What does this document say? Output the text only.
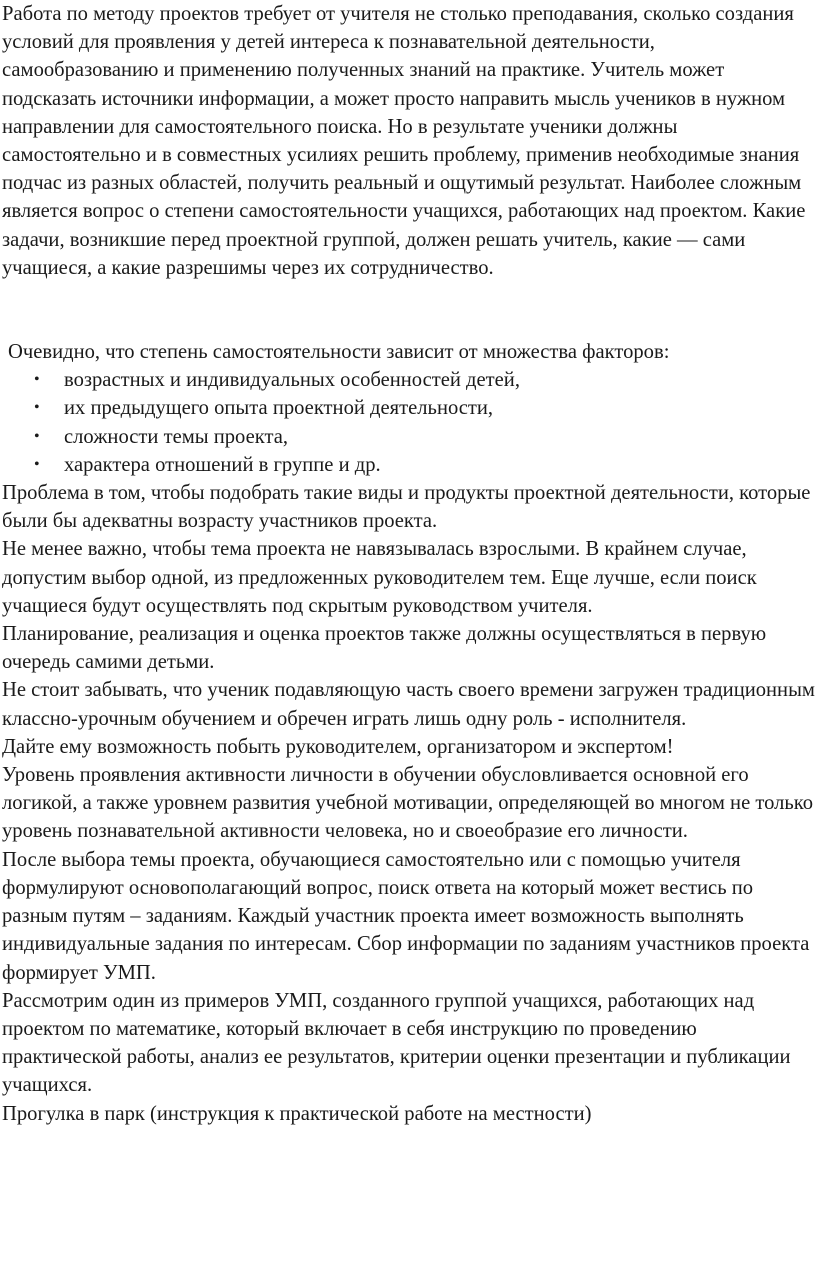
Работа по методу проектов требует от учителя не столько преподавания, сколько создания условий для проявления у детей интереса к познавательной деятельности, самообразованию и применению полученных знаний на практике. Учитель может подсказать источники информации, а может просто направить мысль учеников в нужном направлении для самостоятельного поиска. Но в результате ученики должны самостоятельно и в совместных усилиях решить проблему, применив необходимые знания подчас из разных областей, получить реальный и ощутимый результат. Наиболее сложным является вопрос о степени самостоятельности учащихся, работающих над проектом. Какие задачи, возникшие перед проектной группой, должен решать учитель, какие — сами учащиеся, а какие разрешимы через их сотрудничество.

Очевидно, что степень самостоятельности зависит от множества факторов:

• возрастных и индивидуальных особенностей детей,
• их предыдущего опыта проектной деятельности,
• сложности темы проекта,
• характера отношений в группе и др.

Проблема в том, чтобы подобрать такие виды и продукты проектной деятельности, которые были бы адекватны возрасту участников проекта.

Не менее важно, чтобы тема проекта не навязывалась взрослыми. В крайнем случае, допустим выбор одной, из предложенных руководителем тем. Еще лучше, если поиск учащиеся будут осуществлять под скрытым руководством учителя.

Планирование, реализация и оценка проектов также должны осуществляться в первую очередь самими детьми.

Не стоит забывать, что ученик подавляющую часть своего времени загружен традиционным классно-урочным обучением и обречен играть лишь одну роль - исполнителя.

Дайте ему возможность побыть руководителем, организатором и экспертом!

Уровень проявления активности личности в обучении обусловливается основной его логикой, а также уровнем развития учебной мотивации, определяющей во многом не только уровень познавательной активности человека, но и своеобразие его личности.

После выбора темы проекта, обучающиеся самостоятельно или с помощью учителя формулируют основополагающий вопрос, поиск ответа на который может вестись по разным путям – заданиям. Каждый участник проекта имеет возможность выполнять индивидуальные задания по интересам. Сбор информации по заданиям участников проекта формирует УМП.

Рассмотрим один из примеров УМП, созданного группой учащихся, работающих над проектом по математике, который включает в себя инструкцию по проведению практической работы, анализ ее результатов, критерии оценки презентации и публикации учащихся.

Прогулка в парк (инструкция к практической работе на местности)
